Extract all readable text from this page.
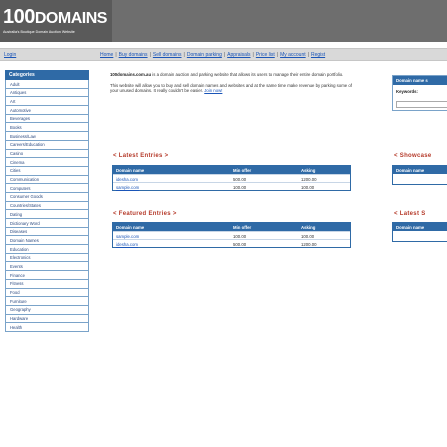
100DOMAINS
Australia's Boutique Domain Auction Website
Login	Home | Buy domains | Sell domains | Domain parking | Appraisals | Price list | My account | Regist
Categories
Adult
Antiques
Art
Automotive
Beverages
Books
Business/Law
Careers/Education
Casino
Cinema
Cities
Communication
Computers
Consumer Goods
Countries/States
Dating
Dictionary Word
Diseases
Domain Names
Education
Electronics
Events
Finance
Fitness
Food
Furniture
Geography
Hardware
Health

100domains.com.au is a domain auction and parking website that allows its users to manage their entire domain portfolio.

This website will allow you to buy and sell domain names and websites and at the same time make revenue by parking some of your unused domains. It really couldn't be easier. Join now!

< Latest Entries >
Domain name	Min offer	Asking
idesha.com	500.00	1200.00
sample.com	100.00	100.00
< Featured Entries >
Domain name	Min offer	Asking
sample.com	100.00	100.00
idesha.com	500.00	1200.00
Domain name s
Keywords:
< Showcase
Domain name
< Latest S
Domain name
